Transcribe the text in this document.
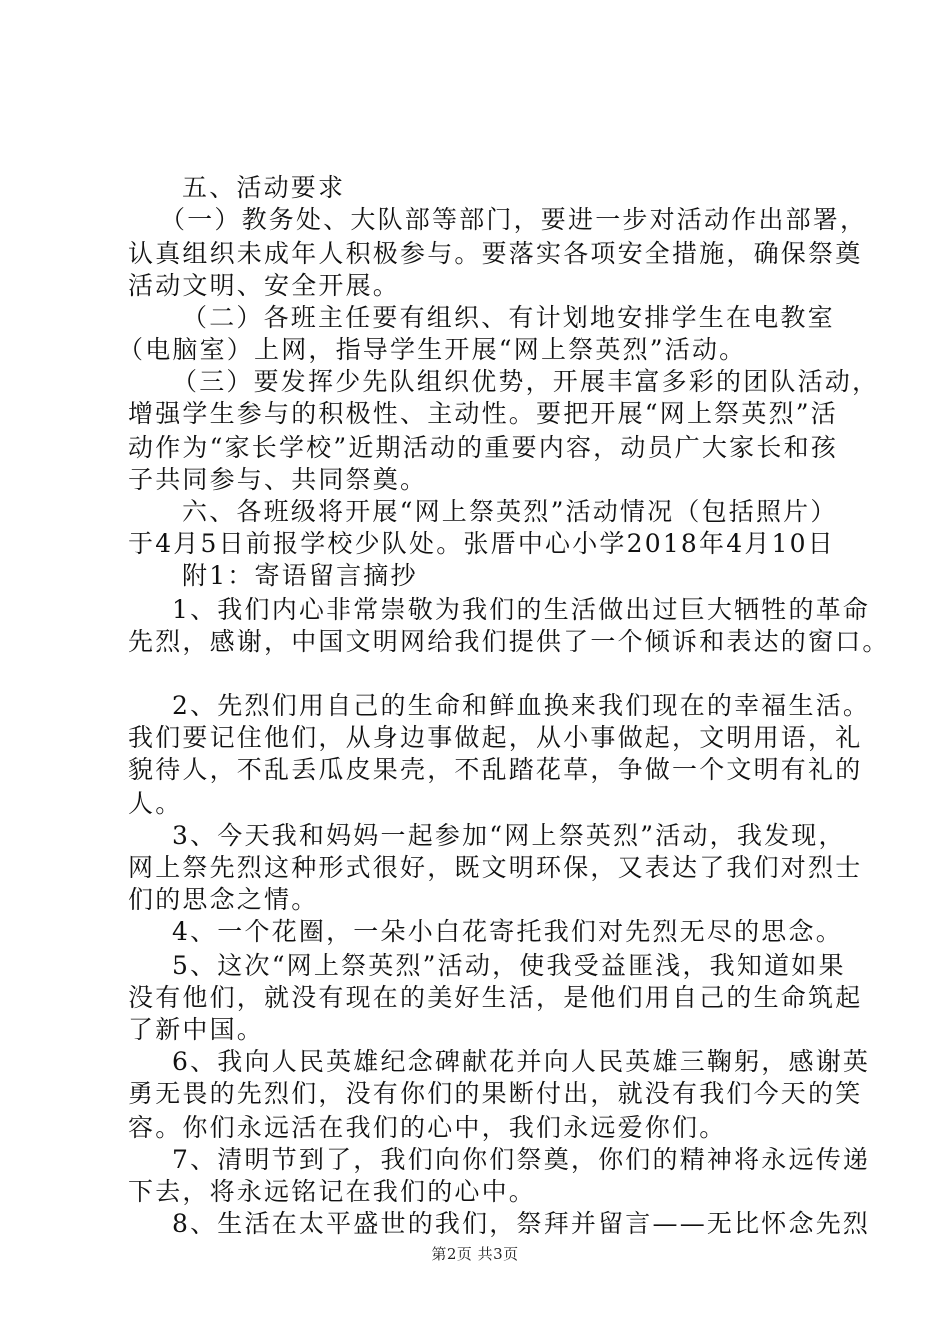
五、活动要求
（一）教务处、大队部等部门，要进一步对活动作出部署，
认真组织未成年人积极参与。要落实各项安全措施，确保祭奠
活动文明、安全开展。
（二）各班主任要有组织、有计划地安排学生在电教室
（电脑室）上网，指导学生开展“网上祭英烈”活动。
（三）要发挥少先队组织优势，开展丰富多彩的团队活动，
增强学生参与的积极性、主动性。要把开展“网上祭英烈”活
动作为“家长学校”近期活动的重要内容，动员广大家长和孩
子共同参与、共同祭奠。
六、各班级将开展“网上祭英烈”活动情况（包括照片）
于4月5日前报学校少队处。张厝中心小学2018年4月10日
附1：寄语留言摘抄
1、我们内心非常崇敬为我们的生活做出过巨大牺牲的革命
先烈，感谢，中国文明网给我们提供了一个倾诉和表达的窗口。
2、先烈们用自己的生命和鲜血换来我们现在的幸福生活。
我们要记住他们，从身边事做起，从小事做起，文明用语，礼
貌待人，不乱丢瓜皮果壳，不乱踏花草，争做一个文明有礼的
人。
3、今天我和妈妈一起参加“网上祭英烈”活动，我发现，
网上祭先烈这种形式很好，既文明环保，又表达了我们对烈士
们的思念之情。
4、一个花圈，一朵小白花寄托我们对先烈无尽的思念。
5、这次“网上祭英烈”活动，使我受益匪浅，我知道如果
没有他们，就没有现在的美好生活，是他们用自己的生命筑起
了新中国。
6、我向人民英雄纪念碑献花并向人民英雄三鞠躬，感谢英
勇无畏的先烈们，没有你们的果断付出，就没有我们今天的笑
容。你们永远活在我们的心中，我们永远爱你们。
7、清明节到了，我们向你们祭奠，你们的精神将永远传递
下去，将永远铭记在我们的心中。
8、生活在太平盛世的我们，祭拜并留言——无比怀念先烈
第2页 共3页
